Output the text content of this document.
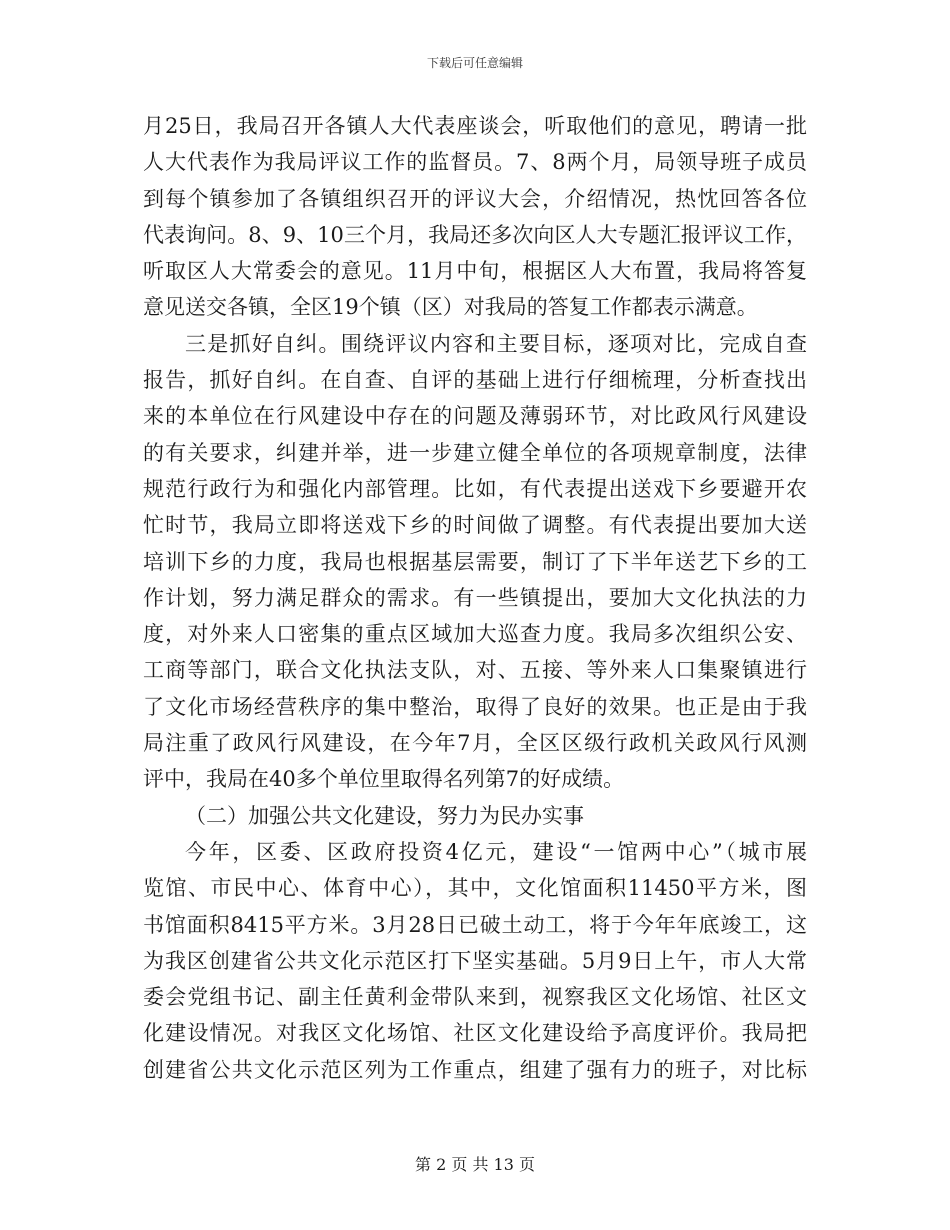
下载后可任意编辑
月25日，我局召开各镇人大代表座谈会，听取他们的意见，聘请一批
人大代表作为我局评议工作的监督员。7、8两个月，局领导班子成员
到每个镇参加了各镇组织召开的评议大会，介绍情况，热忱回答各位
代表询问。8、9、10三个月，我局还多次向区人大专题汇报评议工作，
听取区人大常委会的意见。11月中旬，根据区人大布置，我局将答复
意见送交各镇，全区19个镇（区）对我局的答复工作都表示满意。
三是抓好自纠。围绕评议内容和主要目标，逐项对比，完成自查
报告，抓好自纠。在自查、自评的基础上进行仔细梳理，分析查找出
来的本单位在行风建设中存在的问题及薄弱环节，对比政风行风建设
的有关要求，纠建并举，进一步建立健全单位的各项规章制度，法律
规范行政行为和强化内部管理。比如，有代表提出送戏下乡要避开农
忙时节，我局立即将送戏下乡的时间做了调整。有代表提出要加大送
培训下乡的力度，我局也根据基层需要，制订了下半年送艺下乡的工
作计划，努力满足群众的需求。有一些镇提出，要加大文化执法的力
度，对外来人口密集的重点区域加大巡查力度。我局多次组织公安、
工商等部门，联合文化执法支队，对、五接、等外来人口集聚镇进行
了文化市场经营秩序的集中整治，取得了良好的效果。也正是由于我
局注重了政风行风建设，在今年7月，全区区级行政机关政风行风测
评中，我局在40多个单位里取得名列第7的好成绩。
（二）加强公共文化建设，努力为民办实事
今年，区委、区政府投资4亿元，建设“一馆两中心”（城市展
览馆、市民中心、体育中心），其中，文化馆面积11450平方米，图
书馆面积8415平方米。3月28日已破土动工，将于今年年底竣工，这
为我区创建省公共文化示范区打下坚实基础。5月9日上午，市人大常
委会党组书记、副主任黄利金带队来到，视察我区文化场馆、社区文
化建设情况。对我区文化场馆、社区文化建设给予高度评价。我局把
创建省公共文化示范区列为工作重点，组建了强有力的班子，对比标
第 2 页 共 13 页
